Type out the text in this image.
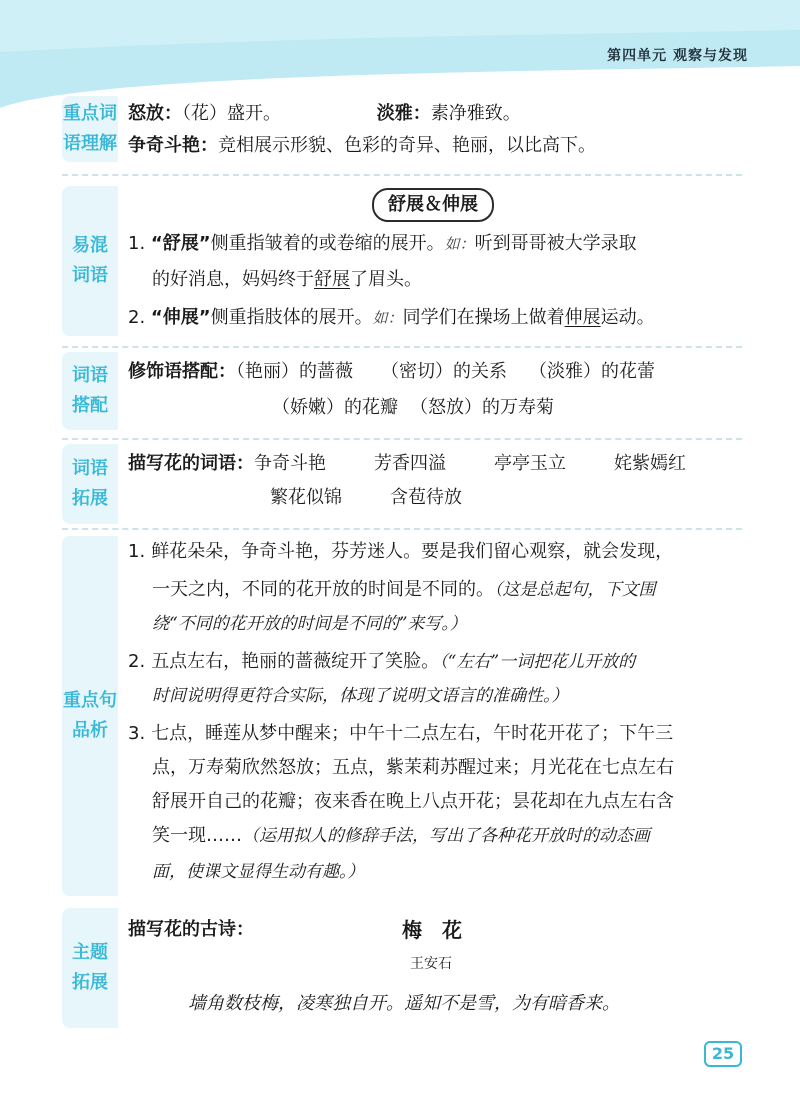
第四单元 观察与发现
重点词
语理解
怒放：（花）盛开。	淡雅：素净雅致。
争奇斗艳：竞相展示形貌、色彩的奇异、艳丽，以比高下。
易混
词语
舒展＆伸展
1. “舒展”侧重指皱着的或卷缩的展开。如：听到哥哥被大学录取
的好消息，妈妈终于舒展了眉头。
2. “伸展”侧重指肢体的展开。如：同学们在操场上做着伸展运动。
词语
搭配
修饰语搭配：（艳丽）的蔷薇 （密切）的关系 （淡雅）的花蕾
（娇嫩）的花瓣 （怒放）的万寿菊
词语
拓展
描写花的词语：争奇斗艳	芳香四溢	亭亭玉立	姹紫嫣红
繁花似锦	含苞待放
重点句
品析
1. 鲜花朵朵，争奇斗艳，芬芳迷人。要是我们留心观察，就会发现，
一天之内，不同的花开放的时间是不同的。（这是总起句，下文围
绕“不同的花开放的时间是不同的”来写。）
2. 五点左右，艳丽的蔷薇绽开了笑脸。（“左右”一词把花儿开放的
时间说明得更符合实际，体现了说明文语言的准确性。）
3. 七点，睡莲从梦中醒来；中午十二点左右，午时花开花了；下午三
点，万寿菊欣然怒放；五点，紫茉莉苏醒过来；月光花在七点左右
舒展开自己的花瓣；夜来香在晚上八点开花；昙花却在九点左右含
笑一现……（运用拟人的修辞手法，写出了各种花开放时的动态画
面，使课文显得生动有趣。）
主题
拓展
描写花的古诗：	梅　花
王安石
墙角数枝梅，凌寒独自开。遥知不是雪，为有暗香来。
25
